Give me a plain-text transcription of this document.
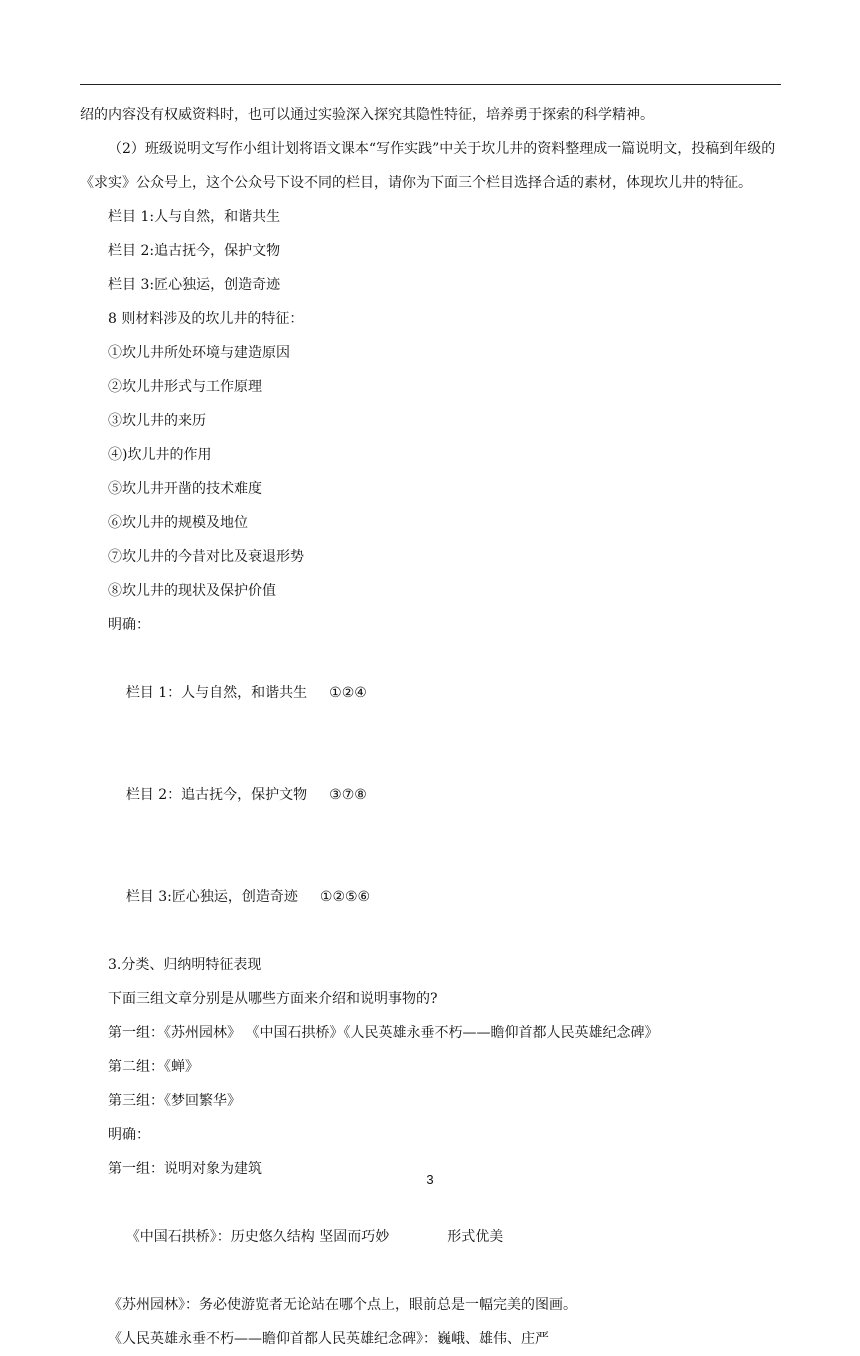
绍的内容没有权威资料时，也可以通过实验深入探究其隐性特征，培养勇于探索的科学精神。

（2）班级说明文写作小组计划将语文课本“写作实践”中关于坎儿井的资料整理成一篇说明文，投稿到年级的《求实》公众号上，这个公众号下设不同的栏目，请你为下面三个栏目选择合适的素材，体现坎儿井的特征。

栏目 1:人与自然，和谐共生

栏目 2:追古抚今，保护文物

栏目 3:匠心独运，创造奇迹

8 则材料涉及的坎儿井的特征：

①坎儿井所处环境与建造原因

②坎儿井形式与工作原理

③坎儿井的来历

④)坎儿井的作用

⑤坎儿井开凿的技术难度

⑥坎儿井的规模及地位

⑦坎儿井的今昔对比及衰退形势

⑧坎儿井的现状及保护价值

明确：

栏目 1：人与自然，和谐共生 ①②④

栏目 2：追古抚今，保护文物 ③⑦⑧

栏目 3:匠心独运，创造奇迹 ①②⑤⑥

3.分类、归纳明特征表现

下面三组文章分别是从哪些方面来介绍和说明事物的?

第一组：《苏州园林》 《中国石拱桥》《人民英雄永垂不朽——瞻仰首都人民英雄纪念碑》

第二组：《蝉》

第三组：《梦回繁华》

明确：

第一组：说明对象为建筑

《中国石拱桥》：历史悠久结构 坚固而巧妙	形式优美

《苏州园林》：务必使游览者无论站在哪个点上，眼前总是一幅完美的图画。

《人民英雄永垂不朽——瞻仰首都人民英雄纪念碑》：巍峨、雄伟、庄严

3
